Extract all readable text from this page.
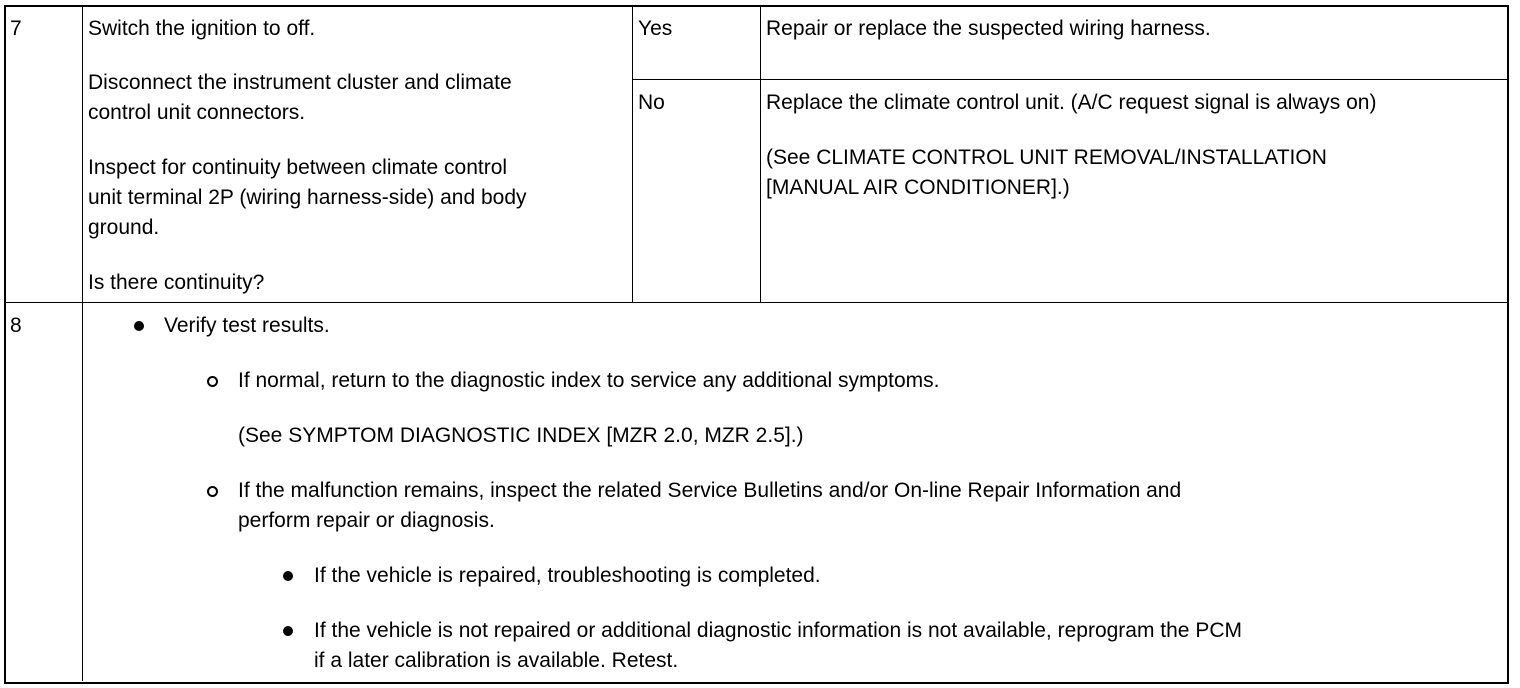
7	Switch the ignition to off.
Disconnect the instrument cluster and climate
control unit connectors.
Inspect for continuity between climate control
unit terminal 2P (wiring harness-side) and body
ground.
Is there continuity?
Yes	Repair or replace the suspected wiring harness.
No	Replace the climate control unit. (A/C request signal is always on)
(See CLIMATE CONTROL UNIT REMOVAL/INSTALLATION
[MANUAL AIR CONDITIONER].)
8	Verify test results.
If normal, return to the diagnostic index to service any additional symptoms.
(See SYMPTOM DIAGNOSTIC INDEX [MZR 2.0, MZR 2.5].)
If the malfunction remains, inspect the related Service Bulletins and/or On-line Repair Information and
perform repair or diagnosis.
If the vehicle is repaired, troubleshooting is completed.
If the vehicle is not repaired or additional diagnostic information is not available, reprogram the PCM
if a later calibration is available. Retest.
